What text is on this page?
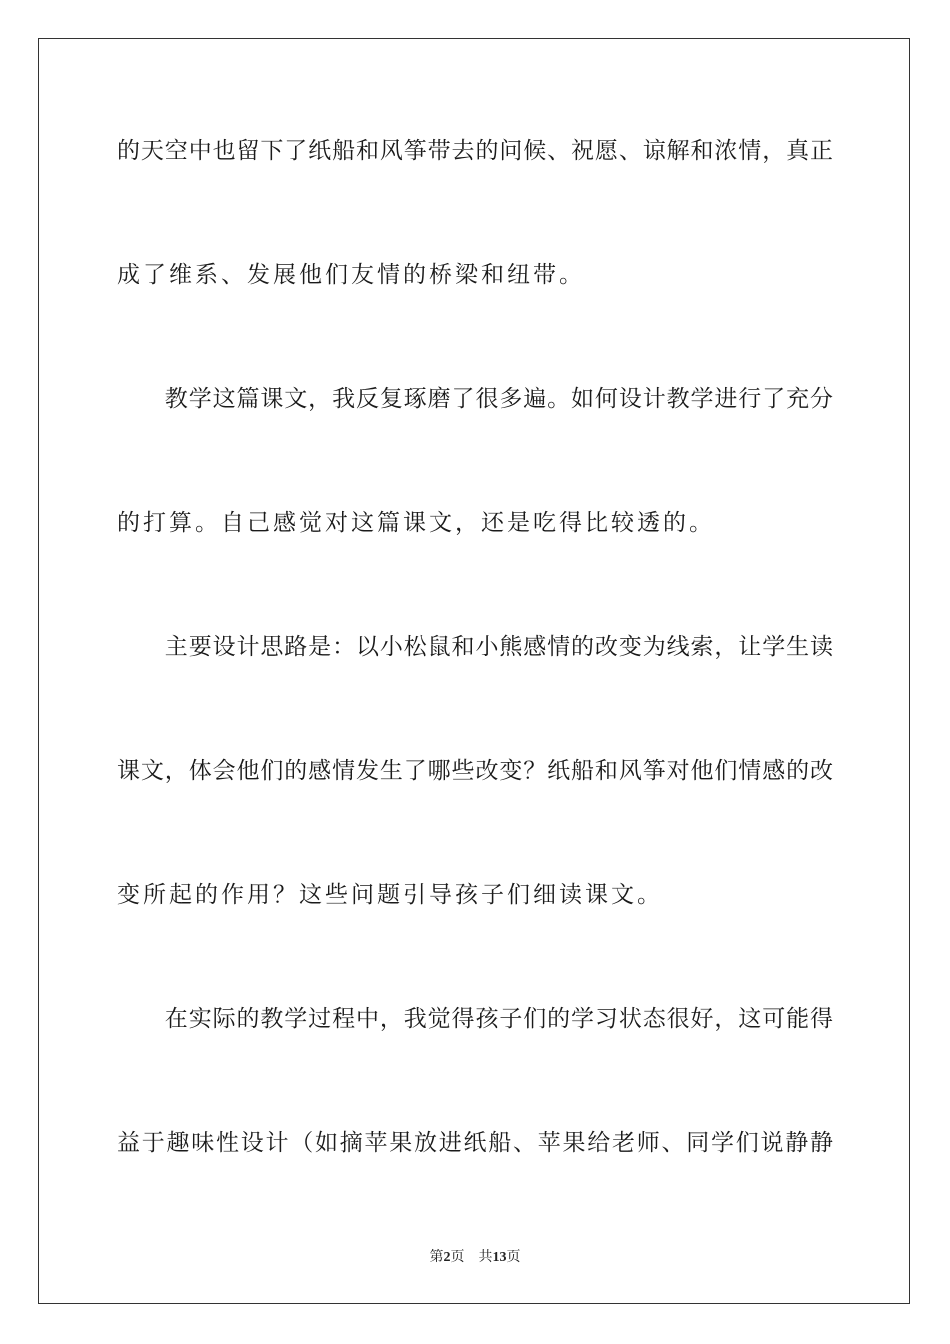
的天空中也留下了纸船和风筝带去的问候、祝愿、谅解和浓情，真正
成了维系、发展他们友情的桥梁和纽带。
　　教学这篇课文，我反复琢磨了很多遍。如何设计教学进行了充分
的打算。自己感觉对这篇课文，还是吃得比较透的。
　　主要设计思路是：以小松鼠和小熊感情的改变为线索，让学生读
课文，体会他们的感情发生了哪些改变？纸船和风筝对他们情感的改
变所起的作用？这些问题引导孩子们细读课文。
　　在实际的教学过程中，我觉得孩子们的学习状态很好，这可能得
益于趣味性设计（如摘苹果放进纸船、苹果给老师、同学们说静静
第2页 共13页
